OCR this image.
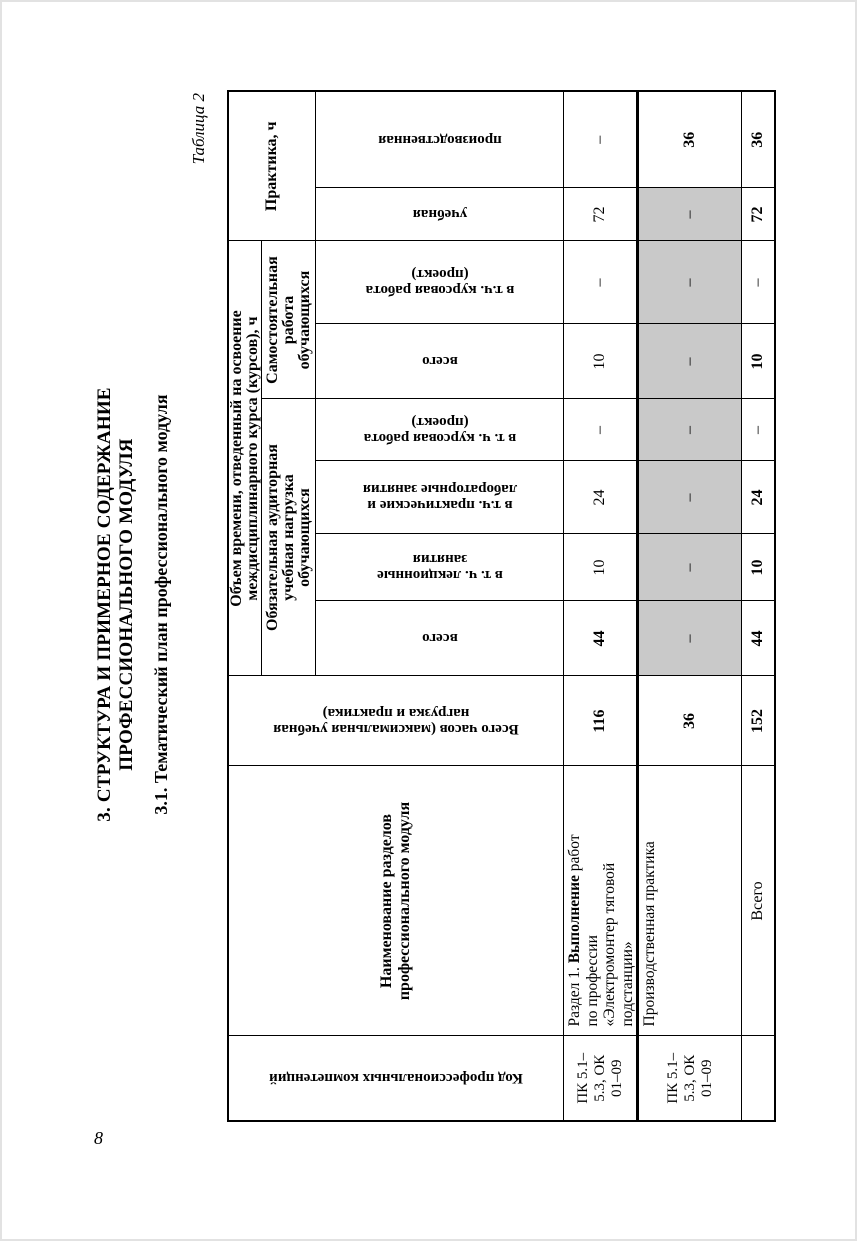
8
3. СТРУКТУРА И ПРИМЕРНОЕ СОДЕРЖАНИЕ ПРОФЕССИОНАЛЬНОГО МОДУЛЯ 3.1. Тематический план профессионального модуля
Таблица 2
Код профессиональных компетенций	Наименование разделов профессионального модуля	Всего часов (максимальная учебная нагрузка и практика)	Объем времени, отведенный на освоение междисциплинарного курса (курсов), ч						Практика, ч	

			Обязательная аудиторная учебная нагрузка обучающихся				Самостоятельная работа обучающихся			

			всего	в т. ч. лекционные занятия	в т.ч. практические и лабораторные занятия	в т. ч. курсовая работа (проект)	всего	в т.ч. курсовая работа (проект)	учебная	производственная

ПК 5.1–5.3, ОК 01–09	Раздел 1. Выполнение работ по профессии «Электромонтер тяговой подстанции»	116	44	10	24	–	10	–	72	–

ПК 5.1–5.3, ОК 01–09	Производственная практика	36	–	–	–	–	–	–	–	36
	Всего	152	44	10	24	–	10	–	72	36
